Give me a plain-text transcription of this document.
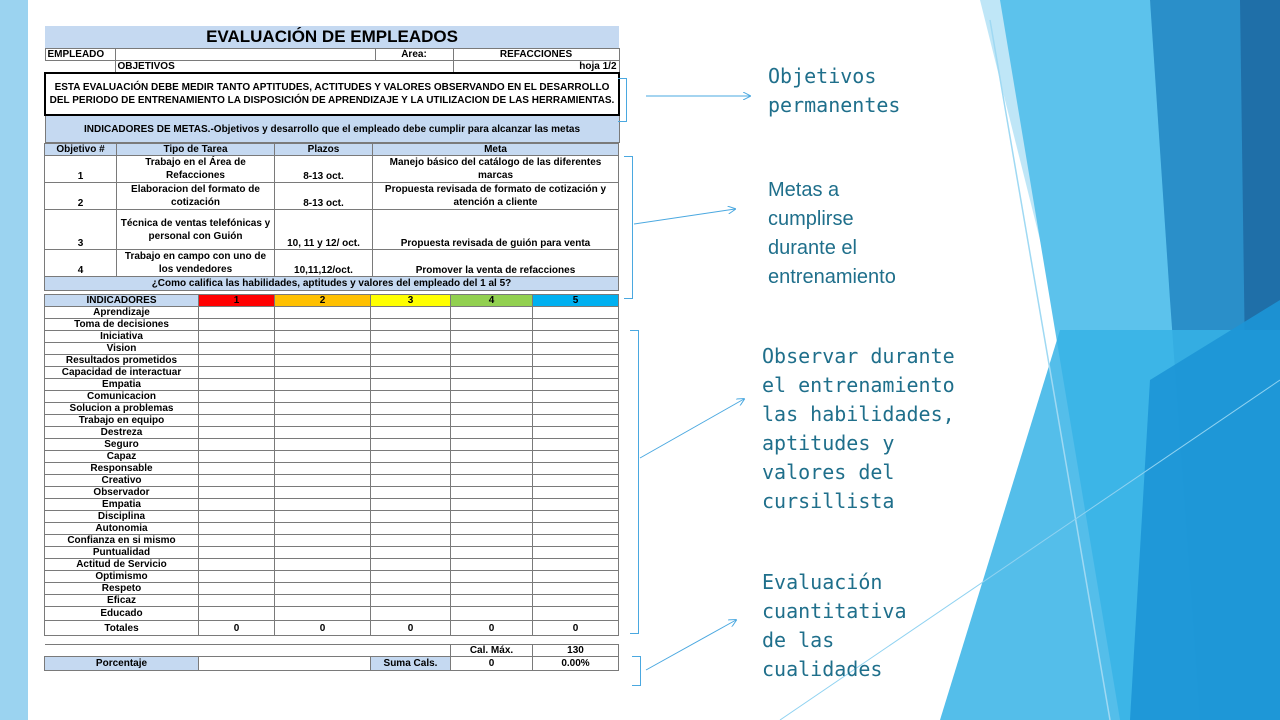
EVALUACIÓN DE EMPLEADOS			
EMPLEADO		Área:	REFACCIONES
	OBJETIVOS		hoja 1/2
ESTA EVALUACIÓN DEBE MEDIR TANTO APTITUDES, ACTITUDES Y VALORES OBSERVANDO EN EL DESARROLLO DEL PERIODO DE ENTRENAMIENTO LA DISPOSICIÓN DE APRENDIZAJE Y LA UTILIZACION DE LAS HERRAMIENTAS.			
INDICADORES DE METAS.-Objetivos y desarrollo que el empleado debe cumplir para alcanzar las metas			
Objetivo #	Tipo de Tarea	Plazos	Meta
1	Trabajo en el Área de Refacciones	8-13 oct.	Manejo básico del catálogo de las diferentes marcas
2	Elaboracion del formato de cotización	8-13 oct.	Propuesta revisada de formato de cotización y atención a cliente
3	Técnica de ventas telefónicas y personal con Guión	10, 11 y 12/ oct.	Propuesta revisada de guión para venta
4	Trabajo en campo con uno de los vendedores	10,11,12/oct.	Promover la venta de refacciones
¿Como califica las habilidades, aptitudes y valores del empleado del 1 al 5?			
INDICADORES	1	2	3	4	5
Aprendizaje					
Toma de decisiones					
Iniciativa					
Vision					
Resultados prometidos					
Capacidad de interactuar					
Empatia					
Comunicacion					
Solucion a problemas					
Trabajo en equipo					
Destreza					
Seguro					
Capaz					
Responsable					
Creativo					
Observador					
Empatia					
Disciplina					
Autonomia					
Confianza en si mismo					
Puntualidad					
Actitud de Servicio					
Optimismo					
Respeto					
Eficaz					
Educado					
Totales	0	0	0	0	0
			Cal. Máx.	130
Porcentaje		Suma Cals.	0	0.00%
Objetivos
permanentes
Metas a
cumplirse
durante el
entrenamiento
Observar durante
el entrenamiento
las habilidades,
aptitudes y
valores del
cursillista
Evaluación
cuantitativa
de las
cualidades
